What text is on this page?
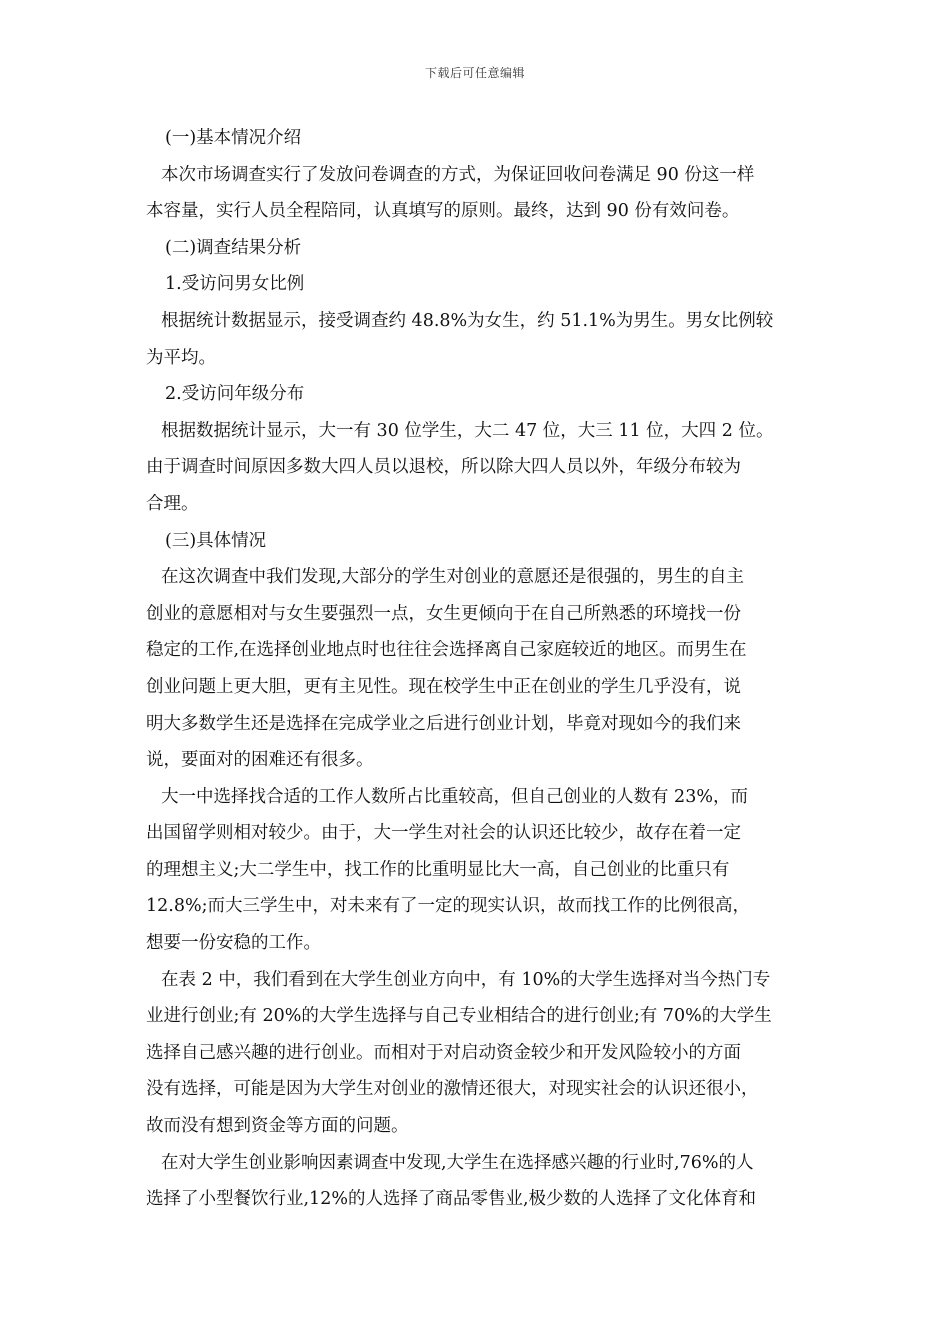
下载后可任意编辑
(一)基本情况介绍
本次市场调查实行了发放问卷调查的方式，为保证回收问卷满足 90 份这一样
本容量，实行人员全程陪同，认真填写的原则。最终，达到 90 份有效问卷。
(二)调查结果分析
1.受访问男女比例
根据统计数据显示，接受调查约 48.8%为女生，约 51.1%为男生。男女比例较
为平均。
2.受访问年级分布
根据数据统计显示，大一有 30 位学生，大二 47 位，大三 11 位，大四 2 位。
由于调查时间原因多数大四人员以退校，所以除大四人员以外，年级分布较为
合理。
(三)具体情况
在这次调查中我们发现,大部分的学生对创业的意愿还是很强的，男生的自主
创业的意愿相对与女生要强烈一点，女生更倾向于在自己所熟悉的环境找一份
稳定的工作,在选择创业地点时也往往会选择离自己家庭较近的地区。而男生在
创业问题上更大胆，更有主见性。现在校学生中正在创业的学生几乎没有，说
明大多数学生还是选择在完成学业之后进行创业计划，毕竟对现如今的我们来
说，要面对的困难还有很多。
大一中选择找合适的工作人数所占比重较高，但自己创业的人数有 23%，而
出国留学则相对较少。由于，大一学生对社会的认识还比较少，故存在着一定
的理想主义;大二学生中，找工作的比重明显比大一高，自己创业的比重只有
12.8%;而大三学生中，对未来有了一定的现实认识，故而找工作的比例很高，
想要一份安稳的工作。
在表 2 中，我们看到在大学生创业方向中，有 10%的大学生选择对当今热门专
业进行创业;有 20%的大学生选择与自己专业相结合的进行创业;有 70%的大学生
选择自己感兴趣的进行创业。而相对于对启动资金较少和开发风险较小的方面
没有选择，可能是因为大学生对创业的激情还很大，对现实社会的认识还很小，
故而没有想到资金等方面的问题。
在对大学生创业影响因素调查中发现,大学生在选择感兴趣的行业时,76%的人
选择了小型餐饮行业,12%的人选择了商品零售业,极少数的人选择了文化体育和
